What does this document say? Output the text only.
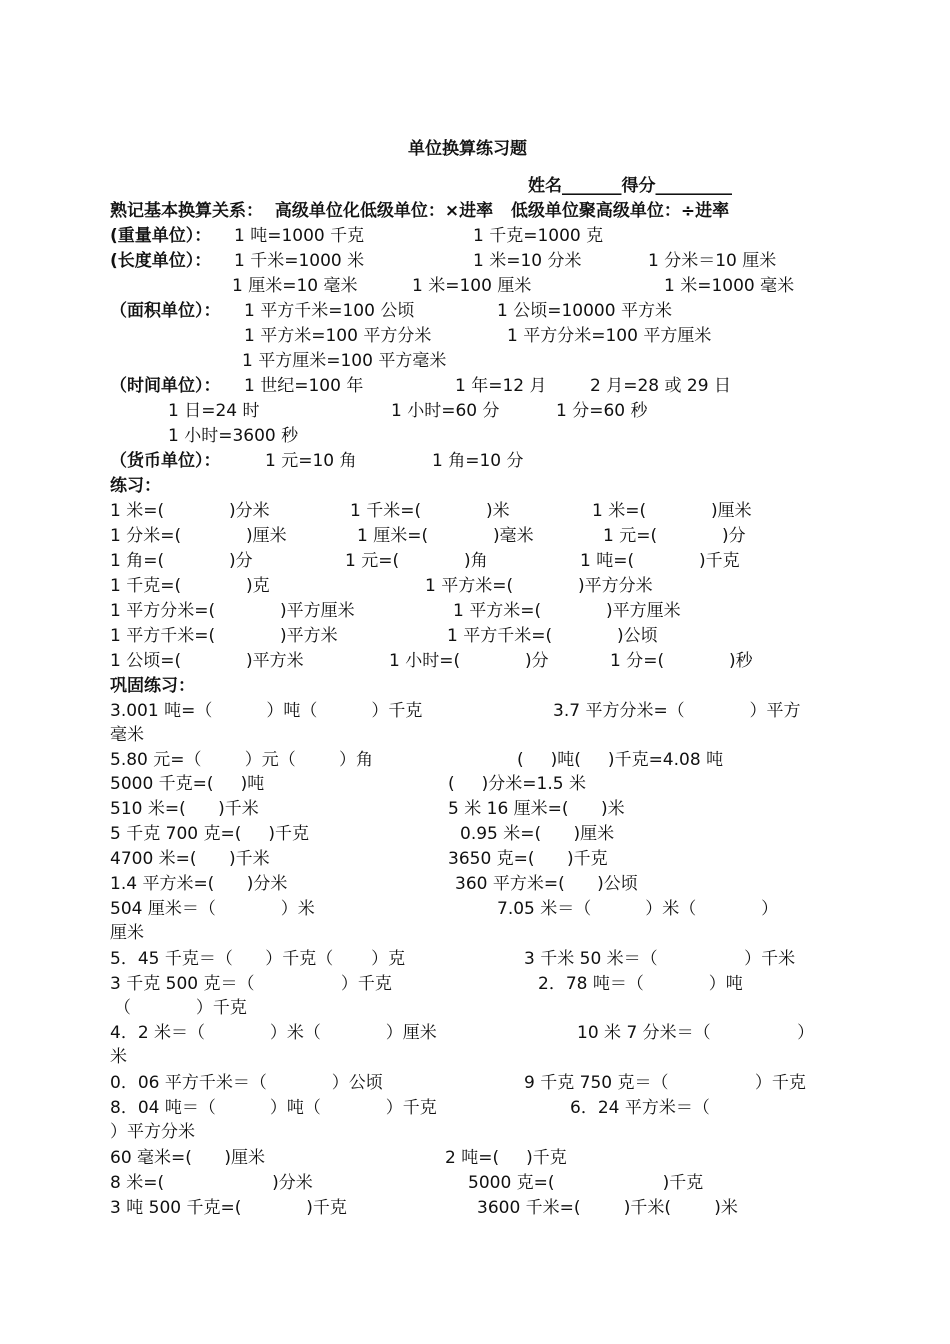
单位换算练习题
姓名_______得分_________
熟记基本换算关系：  高级单位化低级单位：×进率   低级单位聚高级单位：÷进率
(重量单位）： 1 吨=1000 千克	1 千克=1000 克
(长度单位）： 1 千米=1000 米	1 米=10 分米	1 分米＝10 厘米
1 厘米=10 毫米	1 米=100 厘米	1 米=1000 毫米
（面积单位）： 1 平方千米=100 公顷	1 公顷=10000 平方米
1 平方米=100 平方分米	1 平方分米=100 平方厘米
1 平方厘米=100 平方毫米
（时间单位）： 1 世纪=100 年	1 年=12 月	2 月=28 或 29 日
1 日=24 时	1 小时=60 分	1 分=60 秒
1 小时=3600 秒
（货币单位）：	1 元=10 角	1 角=10 分
练习：
1 米=(            )分米	1 千米=(            )米	1 米=(            )厘米
1 分米=(            )厘米	1 厘米=(            )毫米	1 元=(            )分
1 角=(            )分	1 元=(            )角	1 吨=(            )千克
1 千克=(            )克	1 平方米=(            )平方分米
1 平方分米=(            )平方厘米	1 平方米=(            )平方厘米
1 平方千米=(            )平方米	1 平方千米=(            )公顷
1 公顷=(            )平方米	1 小时=(            )分	1 分=(            )秒
巩固练习：
3.001 吨=（          ）吨（          ）千克	3.7 平方分米=（            ）平方
毫米
5.80 元=（        ）元（        ）角	(     )吨(     )千克=4.08 吨
5000 千克=(     )吨	(     )分米=1.5 米
510 米=(      )千米	5 米 16 厘米=(      )米
5 千克 700 克=(     )千克	0.95 米=(      )厘米
4700 米=(      )千米	3650 克=(      )千克
1.4 平方米=(      )分米	360 平方米=(      )公顷
504 厘米＝（            ）米	7.05 米＝（          ）米（            ）
厘米
5．45 千克＝（      ）千克（       ）克	3 千米 50 米＝（                ）千米
3 千克 500 克＝（                ）千克	2．78 吨＝（            ）吨
（            ）千克
4．2 米＝（            ）米（            ）厘米	10 米 7 分米＝（                ）
米
0．06 平方千米＝（            ）公顷	9 千克 750 克＝（                ）千克
8．04 吨＝（          ）吨（            ）千克	6．24 平方米＝（
）平方分米
60 毫米=(      )厘米	2 吨=(     )千克
8 米=(                    )分米	5000 克=(                    )千克
3 吨 500 千克=(            )千克	3600 千米=(        )千米(        )米
